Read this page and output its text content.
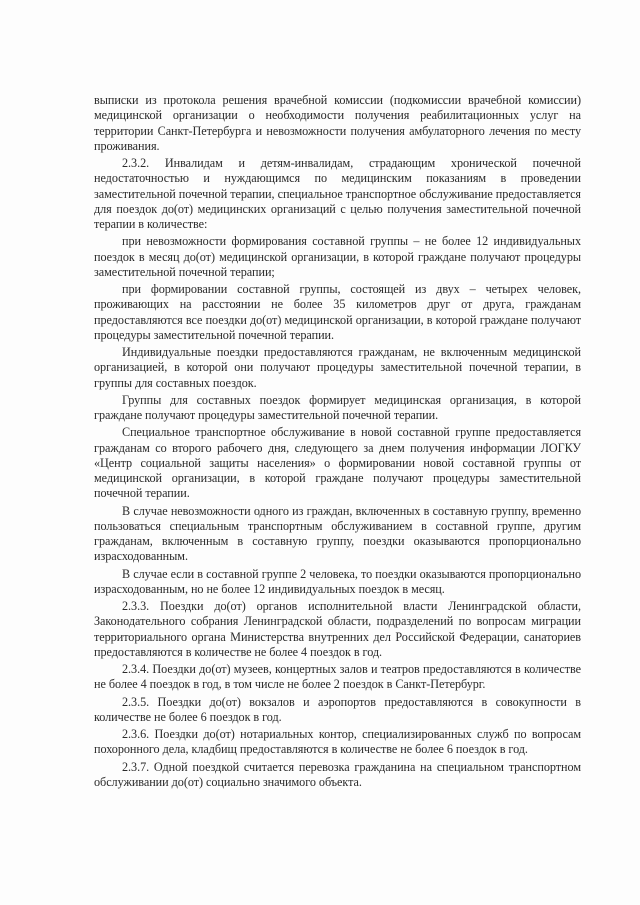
выписки из протокола решения врачебной комиссии (подкомиссии врачебной комиссии) медицинской организации о необходимости получения реабилитационных услуг на территории Санкт-Петербурга и невозможности получения амбулаторного лечения по месту проживания.

2.3.2. Инвалидам и детям-инвалидам, страдающим хронической почечной недостаточностью и нуждающимся по медицинским показаниям в проведении заместительной почечной терапии, специальное транспортное обслуживание предоставляется для поездок до(от) медицинских организаций с целью получения заместительной почечной терапии в количестве:

при невозможности формирования составной группы – не более 12 индивидуальных поездок в месяц до(от) медицинской организации, в которой граждане получают процедуры заместительной почечной терапии;

при формировании составной группы, состоящей из двух – четырех человек, проживающих на расстоянии не более 35 километров друг от друга, гражданам предоставляются все поездки до(от) медицинской организации, в которой граждане получают процедуры заместительной почечной терапии.

Индивидуальные поездки предоставляются гражданам, не включенным медицинской организацией, в которой они получают процедуры заместительной почечной терапии, в группы для составных поездок.

Группы для составных поездок формирует медицинская организация, в которой граждане получают процедуры заместительной почечной терапии.

Специальное транспортное обслуживание в новой составной группе предоставляется гражданам со второго рабочего дня, следующего за днем получения информации ЛОГКУ «Центр социальной защиты населения» о формировании новой составной группы от медицинской организации, в которой граждане получают процедуры заместительной почечной терапии.

В случае невозможности одного из граждан, включенных в составную группу, временно пользоваться специальным транспортным обслуживанием в составной группе, другим гражданам, включенным в составную группу, поездки оказываются пропорционально израсходованным.

В случае если в составной группе 2 человека, то поездки оказываются пропорционально израсходованным, но не более 12 индивидуальных поездок в месяц.

2.3.3. Поездки до(от) органов исполнительной власти Ленинградской области, Законодательного собрания Ленинградской области, подразделений по вопросам миграции территориального органа Министерства внутренних дел Российской Федерации, санаториев предоставляются в количестве не более 4 поездок в год.

2.3.4. Поездки до(от) музеев, концертных залов и театров предоставляются в количестве не более 4 поездок в год, в том числе не более 2 поездок в Санкт-Петербург.

2.3.5. Поездки до(от) вокзалов и аэропортов предоставляются в совокупности в количестве не более 6 поездок в год.

2.3.6. Поездки до(от) нотариальных контор, специализированных служб по вопросам похоронного дела, кладбищ предоставляются в количестве не более 6 поездок в год.

2.3.7. Одной поездкой считается перевозка гражданина на специальном транспортном обслуживании до(от) социально значимого объекта.
